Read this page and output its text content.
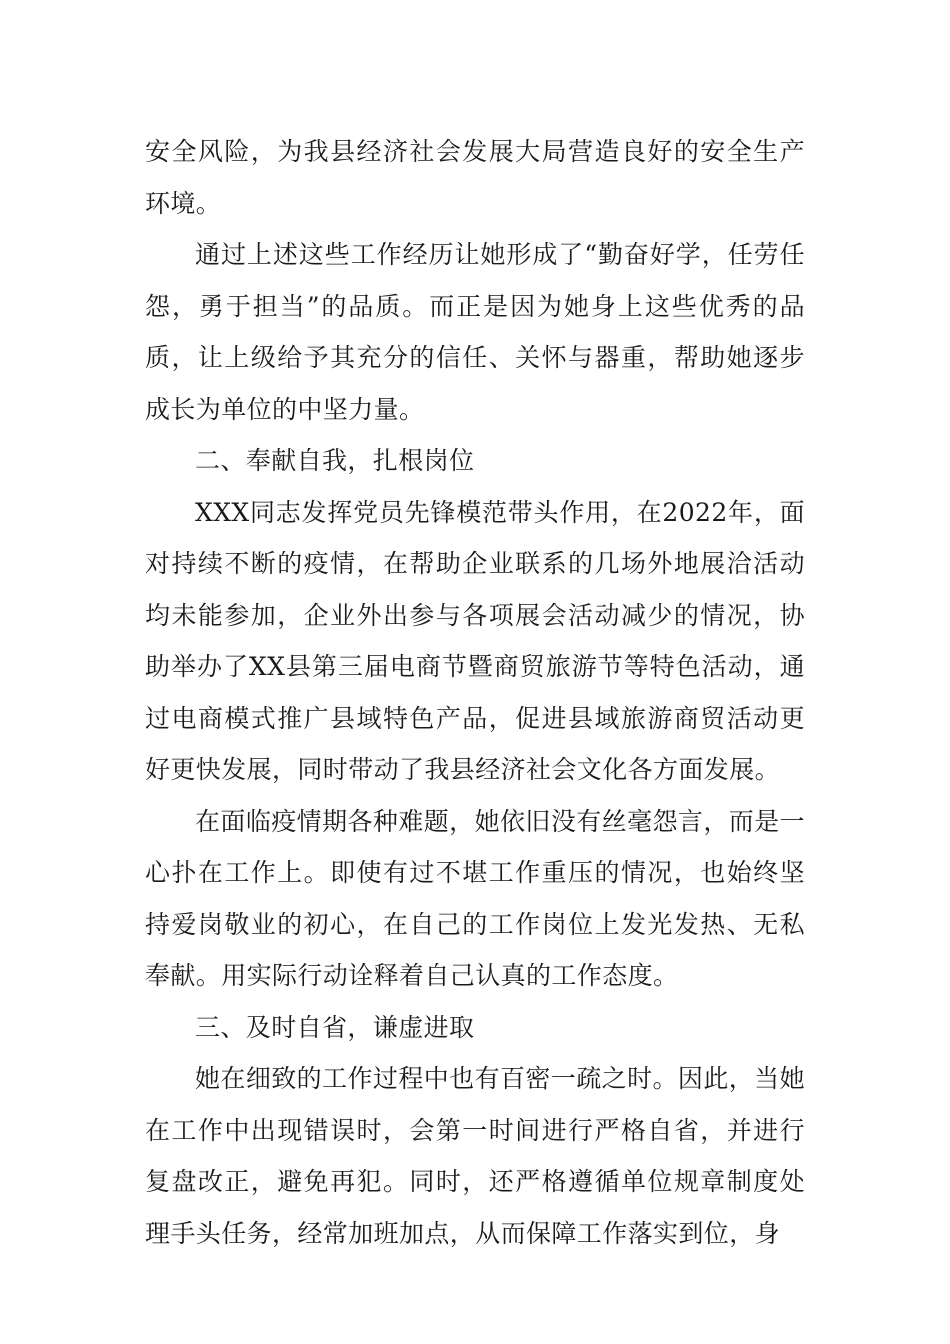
安全风险，为我县经济社会发展大局营造良好的安全生产环境。

通过上述这些工作经历让她形成了“勤奋好学，任劳任怨，勇于担当”的品质。而正是因为她身上这些优秀的品质，让上级给予其充分的信任、关怀与器重，帮助她逐步成长为单位的中坚力量。

二、奉献自我，扎根岗位

XXX同志发挥党员先锋模范带头作用，在2022年，面对持续不断的疫情，在帮助企业联系的几场外地展洽活动均未能参加，企业外出参与各项展会活动减少的情况，协助举办了XX县第三届电商节暨商贸旅游节等特色活动，通过电商模式推广县域特色产品，促进县域旅游商贸活动更好更快发展，同时带动了我县经济社会文化各方面发展。

在面临疫情期各种难题，她依旧没有丝毫怨言，而是一心扑在工作上。即使有过不堪工作重压的情况，也始终坚持爱岗敬业的初心，在自己的工作岗位上发光发热、无私奉献。用实际行动诠释着自己认真的工作态度。

三、及时自省，谦虚进取

她在细致的工作过程中也有百密一疏之时。因此，当她在工作中出现错误时，会第一时间进行严格自省，并进行复盘改正，避免再犯。同时，还严格遵循单位规章制度处理手头任务，经常加班加点，从而保障工作落实到位，身
